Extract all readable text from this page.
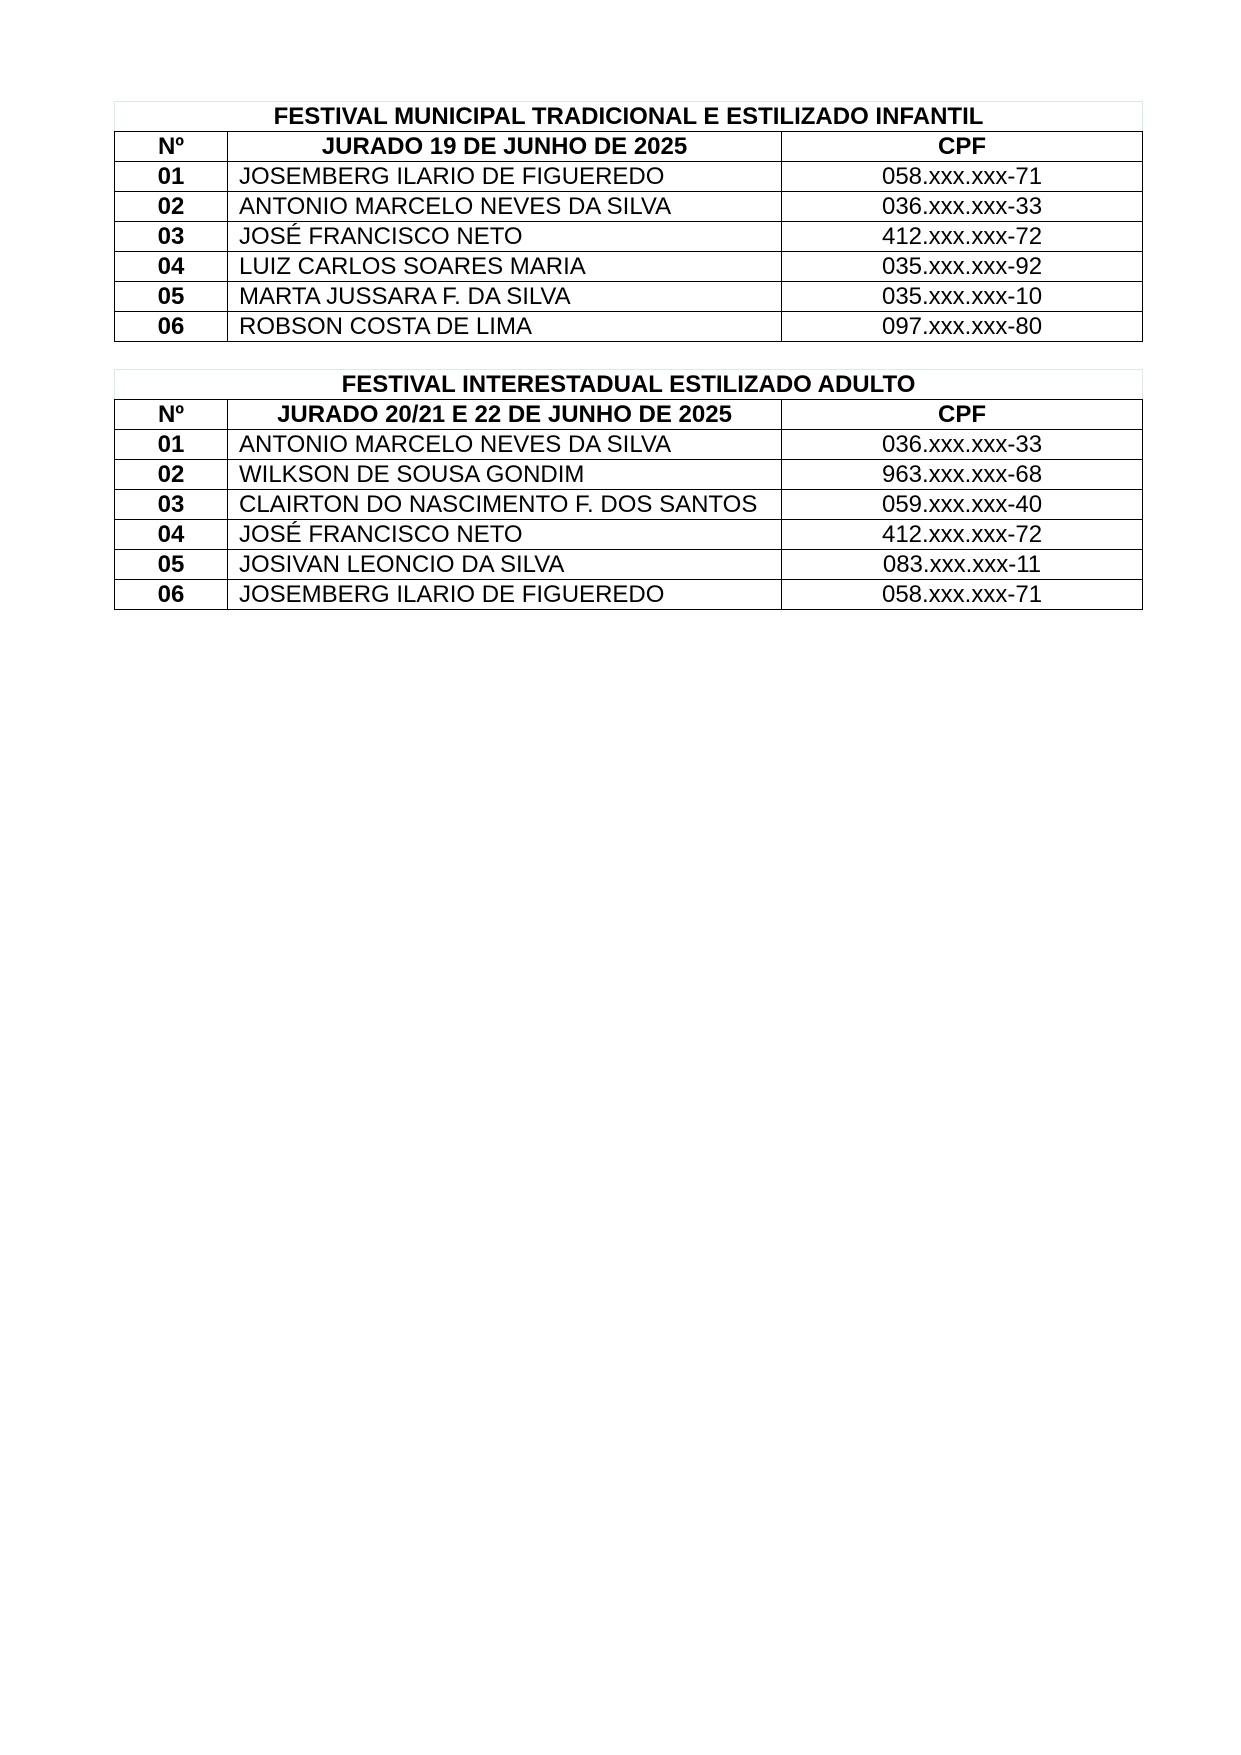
FESTIVAL MUNICIPAL TRADICIONAL E ESTILIZADO INFANTIL		
Nº	JURADO 19 DE JUNHO DE 2025	CPF
01	JOSEMBERG ILARIO DE FIGUEREDO	058.xxx.xxx-71
02	ANTONIO MARCELO NEVES DA SILVA	036.xxx.xxx-33
03	JOSÉ FRANCISCO NETO	412.xxx.xxx-72
04	LUIZ CARLOS SOARES MARIA	035.xxx.xxx-92
05	MARTA JUSSARA F. DA SILVA	035.xxx.xxx-10
06	ROBSON COSTA DE LIMA	097.xxx.xxx-80
FESTIVAL INTERESTADUAL ESTILIZADO ADULTO		
Nº	JURADO 20/21 E 22 DE JUNHO DE 2025	CPF
01	ANTONIO MARCELO NEVES DA SILVA	036.xxx.xxx-33
02	WILKSON DE SOUSA GONDIM	963.xxx.xxx-68
03	CLAIRTON DO NASCIMENTO F. DOS SANTOS	059.xxx.xxx-40
04	JOSÉ FRANCISCO NETO	412.xxx.xxx-72
05	JOSIVAN LEONCIO DA SILVA	083.xxx.xxx-11
06	JOSEMBERG ILARIO DE FIGUEREDO	058.xxx.xxx-71
